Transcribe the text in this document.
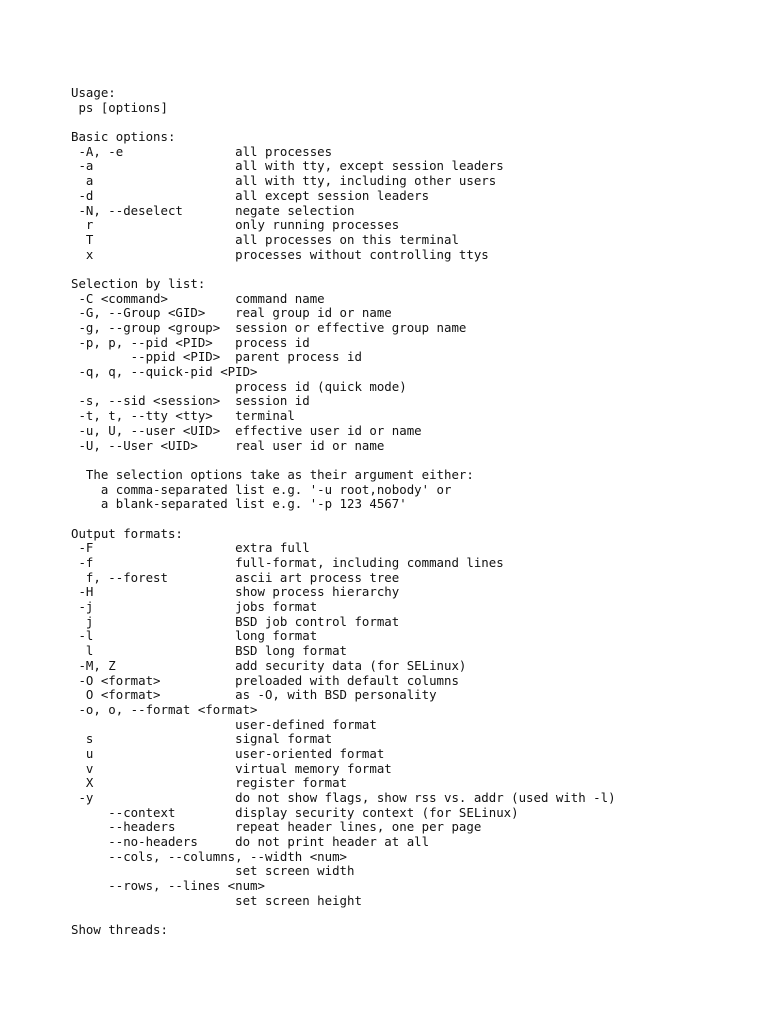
Usage:
ps [options]
Basic options:
-A, -e               all processes
-a                   all with tty, except session leaders
a                   all with tty, including other users
-d                   all except session leaders
-N, --deselect       negate selection
r                   only running processes
T                   all processes on this terminal
x                   processes without controlling ttys
Selection by list:
-C <command>         command name
-G, --Group <GID>    real group id or name
-g, --group <group>  session or effective group name
-p, p, --pid <PID>   process id
--ppid <PID>  parent process id
-q, q, --quick-pid <PID>
process id (quick mode)
-s, --sid <session>  session id
-t, t, --tty <tty>   terminal
-u, U, --user <UID>  effective user id or name
-U, --User <UID>     real user id or name
The selection options take as their argument either:
a comma-separated list e.g. '-u root,nobody' or
a blank-separated list e.g. '-p 123 4567'
Output formats:
-F                   extra full
-f                   full-format, including command lines
f, --forest         ascii art process tree
-H                   show process hierarchy
-j                   jobs format
j                   BSD job control format
-l                   long format
l                   BSD long format
-M, Z                add security data (for SELinux)
-O <format>          preloaded with default columns
O <format>          as -O, with BSD personality
-o, o, --format <format>
user-defined format
s                   signal format
u                   user-oriented format
v                   virtual memory format
X                   register format
-y                   do not show flags, show rss vs. addr (used with -l)
--context        display security context (for SELinux)
--headers        repeat header lines, one per page
--no-headers     do not print header at all
--cols, --columns, --width <num>
set screen width
--rows, --lines <num>
set screen height
Show threads:
